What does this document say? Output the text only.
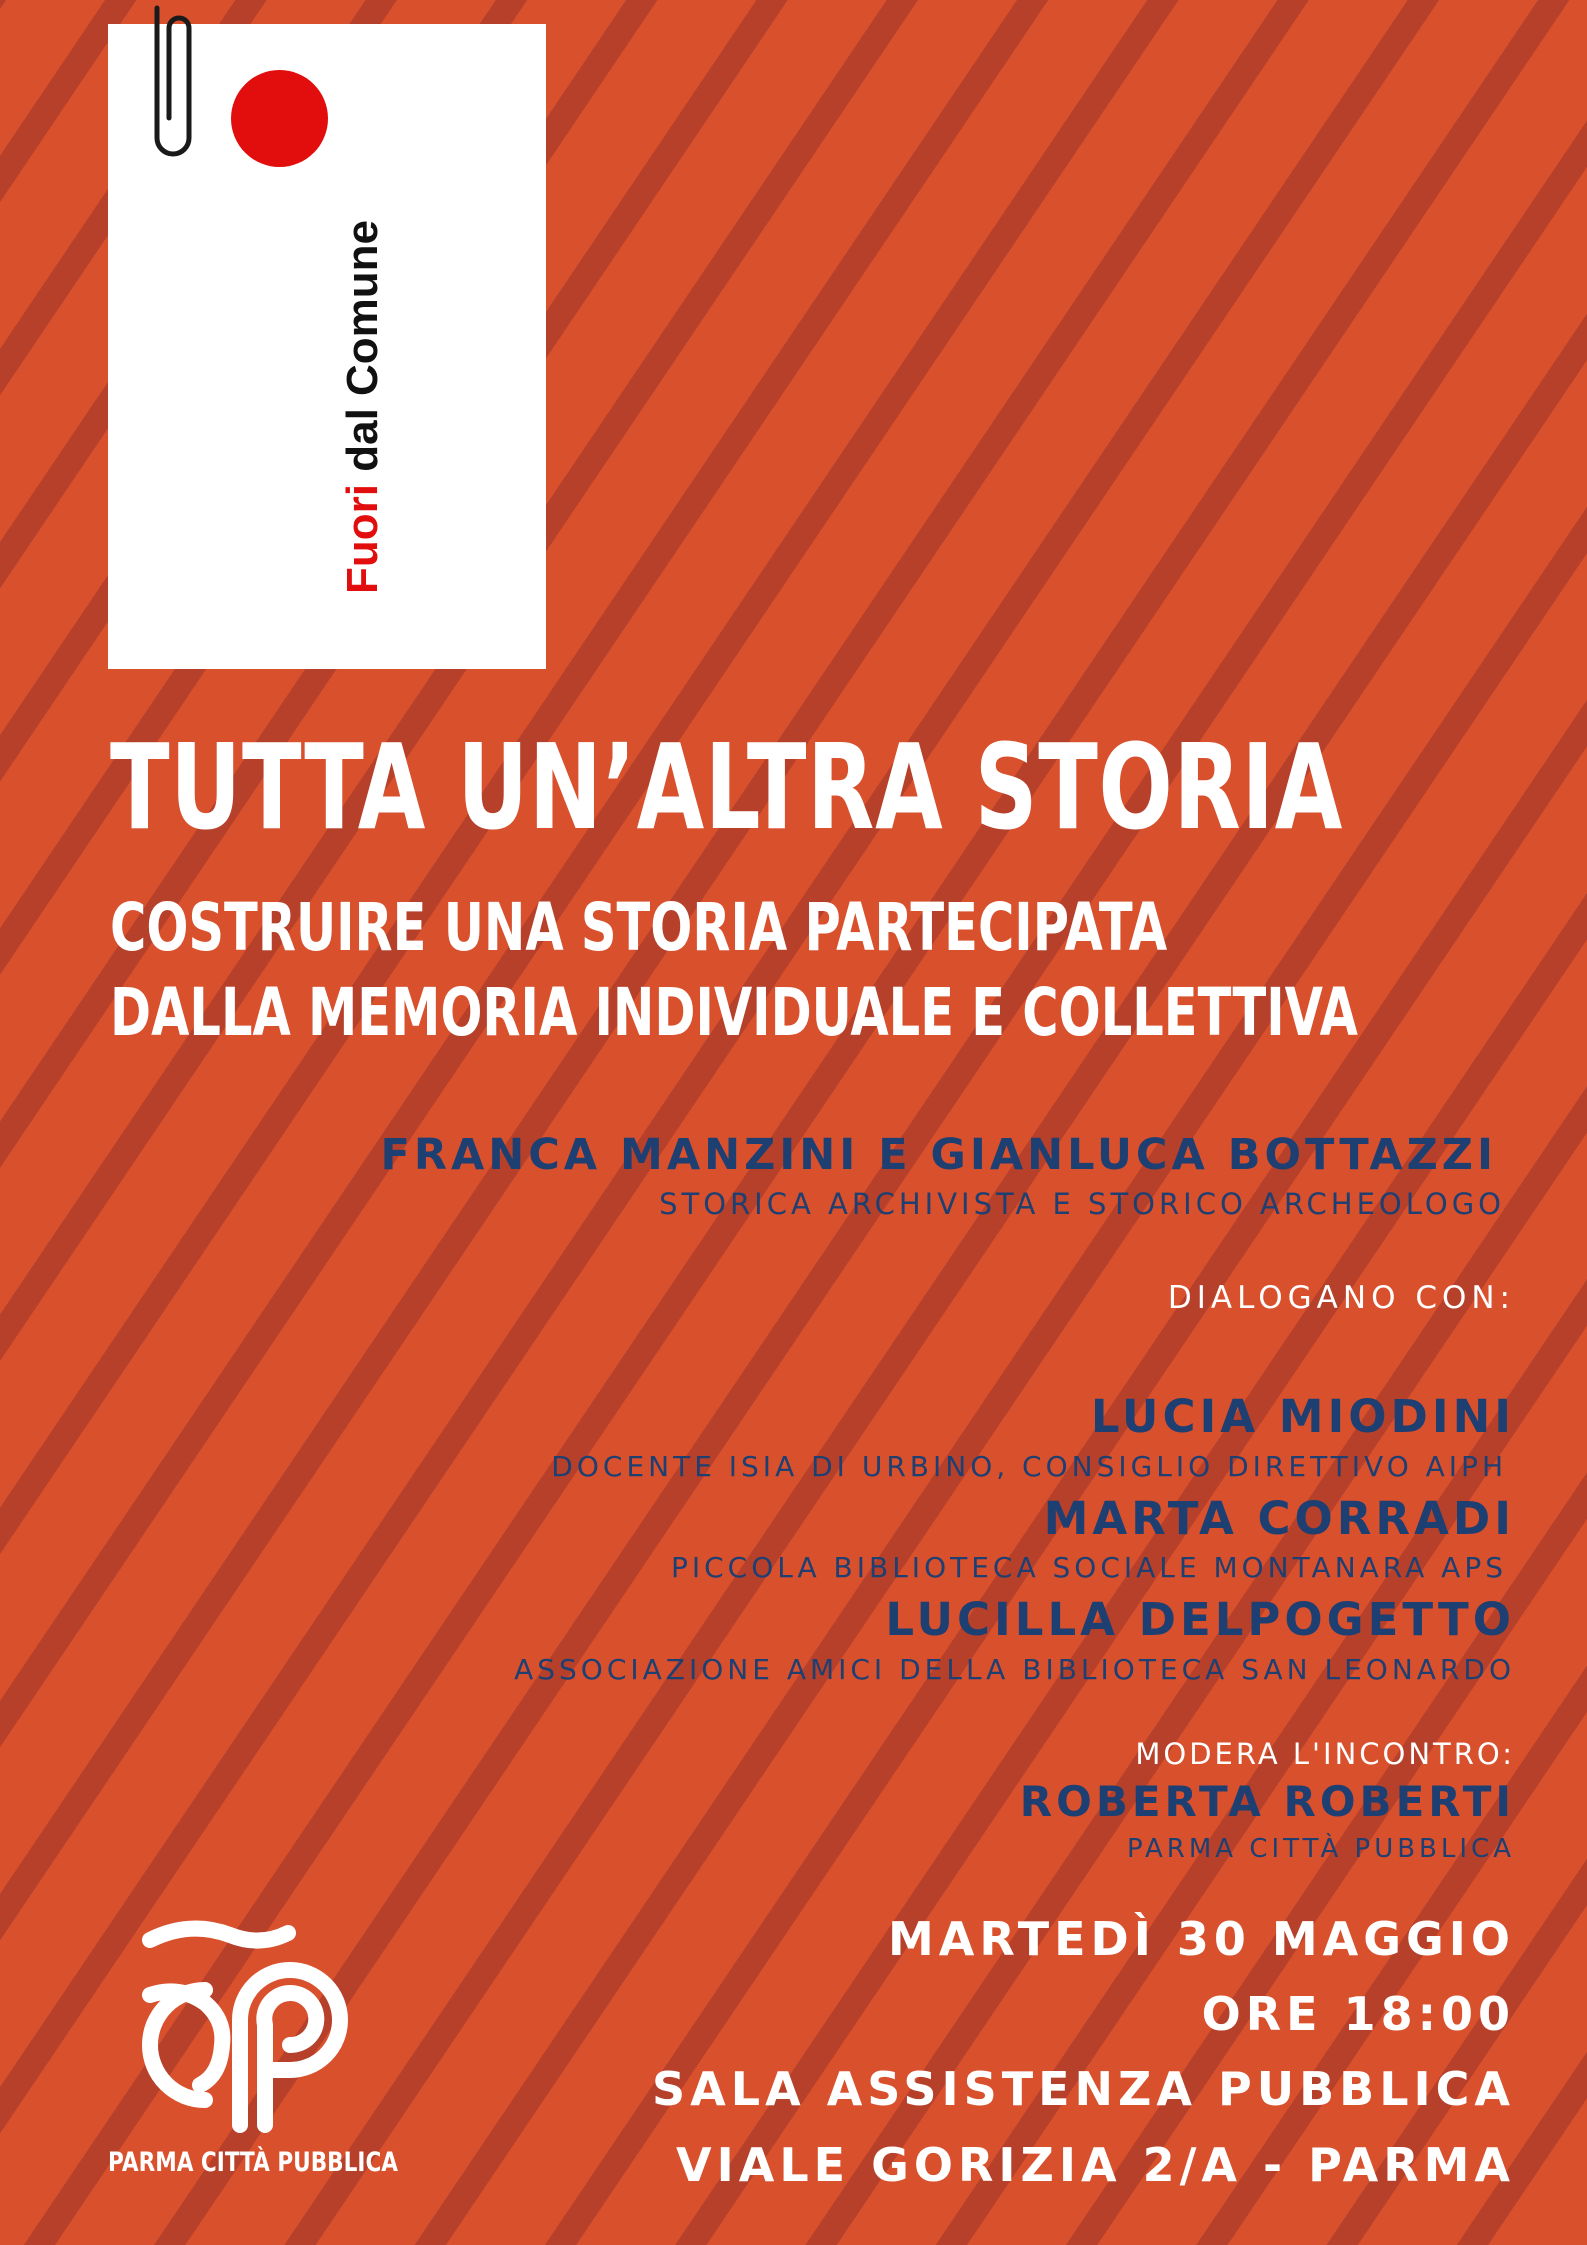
Fuori dal Comune
TUTTA UN’ALTRA STORIA
COSTRUIRE UNA STORIA PARTECIPATA
DALLA MEMORIA INDIVIDUALE E COLLETTIVA
FRANCA MANZINI E GIANLUCA BOTTAZZI
STORICA ARCHIVISTA E STORICO ARCHEOLOGO
DIALOGANO CON:
LUCIA MIODINI
DOCENTE ISIA DI URBINO, CONSIGLIO DIRETTIVO AIPH
MARTA CORRADI
PICCOLA BIBLIOTECA SOCIALE MONTANARA APS
LUCILLA DELPOGETTO
ASSOCIAZIONE AMICI DELLA BIBLIOTECA SAN LEONARDO
MODERA L'INCONTRO:
ROBERTA ROBERTI
PARMA CITTÀ PUBBLICA
MARTEDÌ 30 MAGGIO
ORE 18:00
SALA ASSISTENZA PUBBLICA
VIALE GORIZIA 2/A - PARMA
PARMA CITTÀ PUBBLICA
